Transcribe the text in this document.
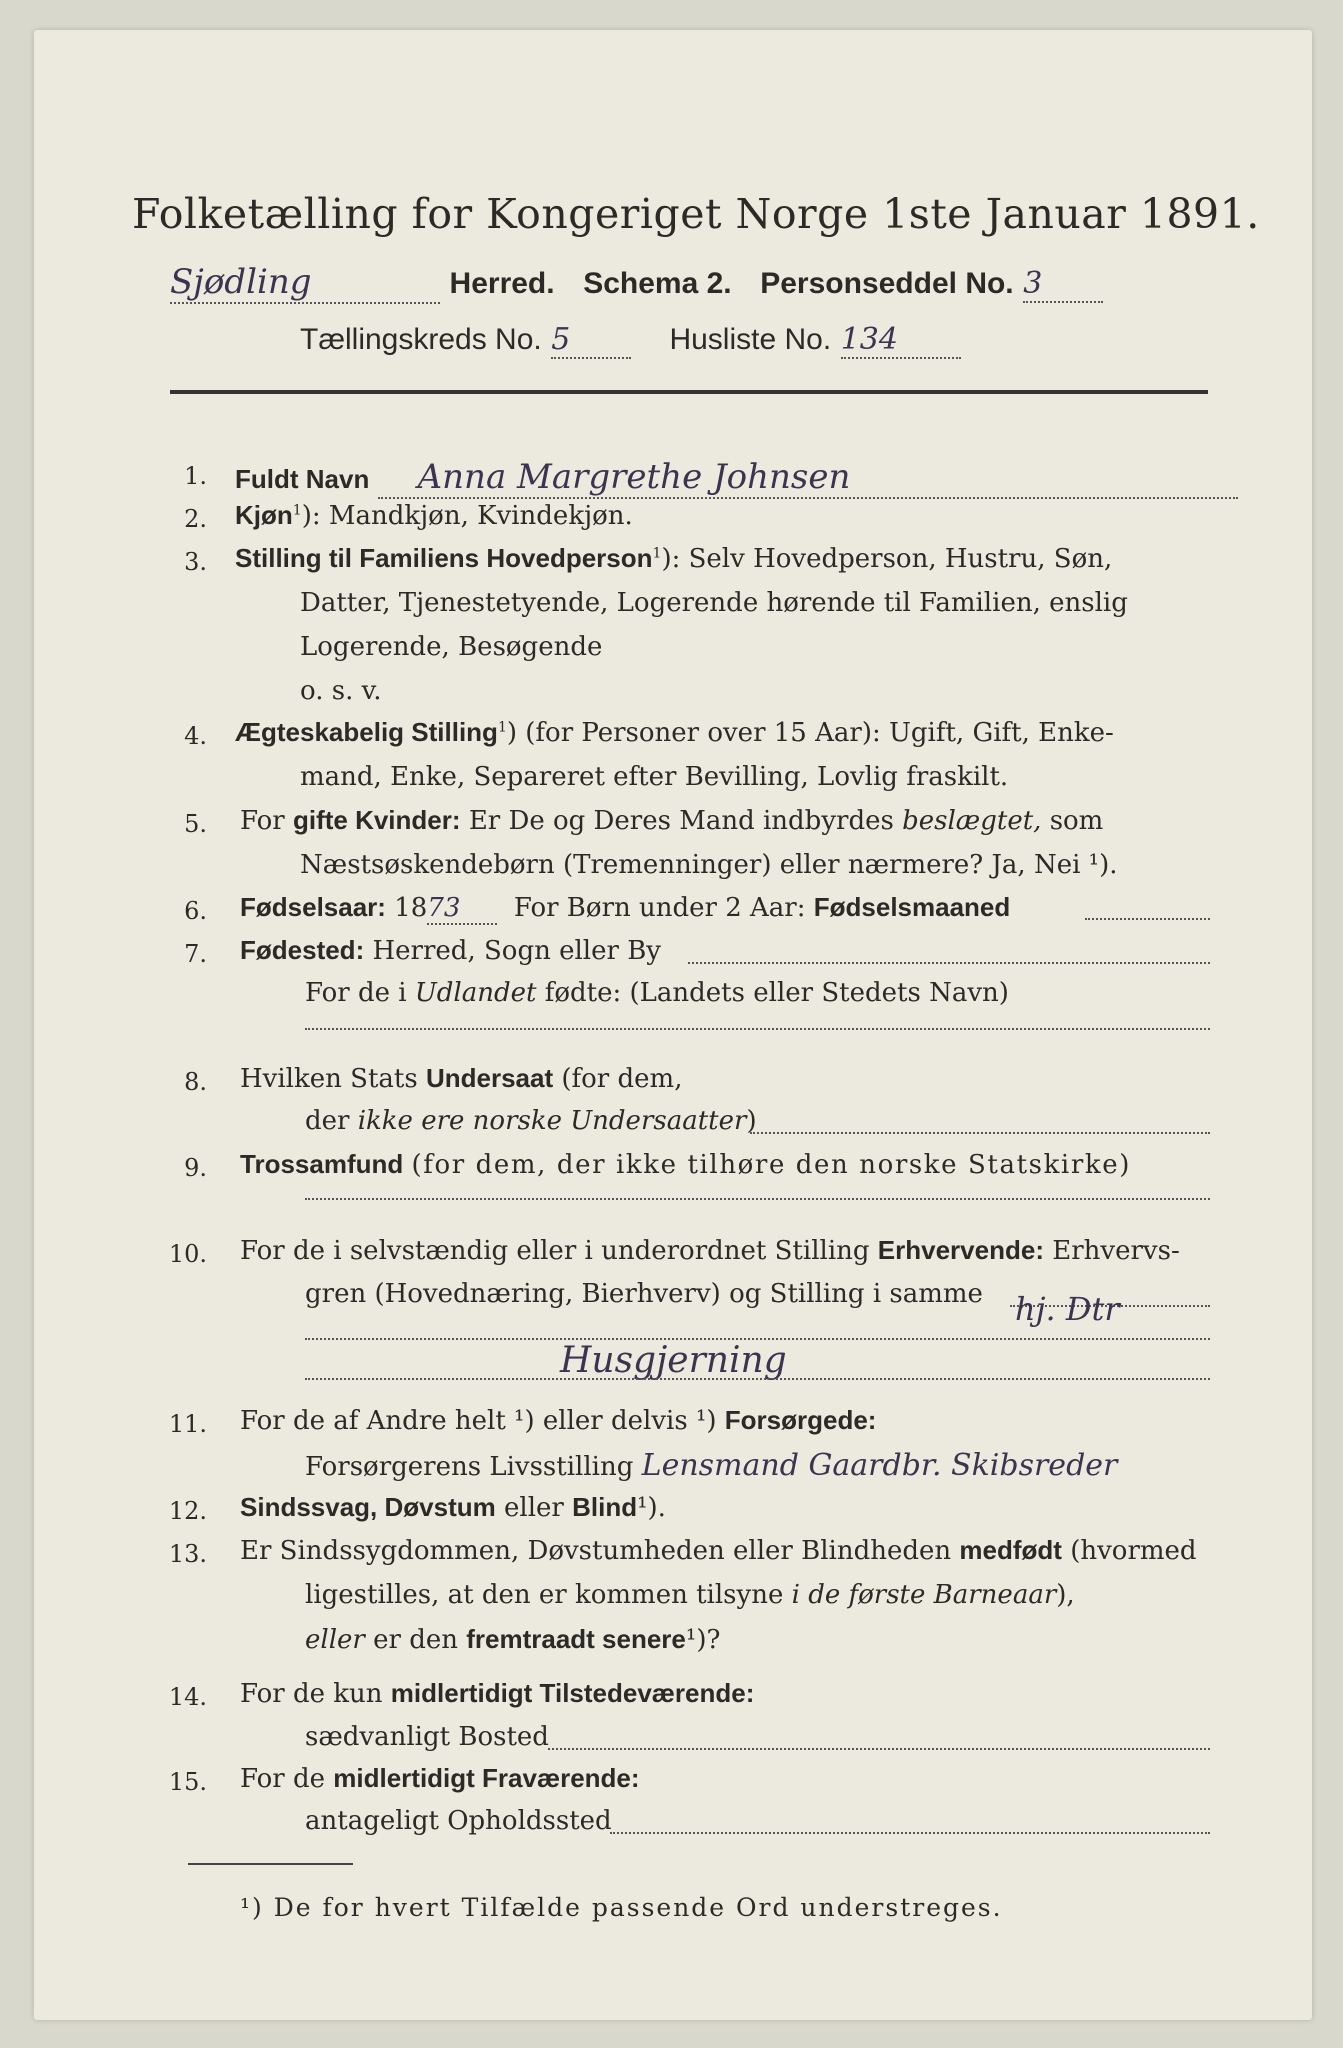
Folketælling for Kongeriget Norge 1ste Januar 1891.
Sjødling	Herred. Schema 2. Personseddel No. 3
Tællingskreds No. 5	Husliste No. 134
1. Fuldt Navn Anna Margrethe Johnsen
2. Kjøn$^1$): Mandkjøn, Kvindekjøn.
3. Stilling til Familiens Hovedperson$^1$): Selv Hovedperson, Hustru, Søn,
Datter, Tjenestetyende, Logerende hørende til Familien, enslig
Logerende, Besøgende
o. s. v.
4. Ægteskabelig Stilling$^1$) (for Personer over 15 Aar): Ugift, Gift, Enke-
mand, Enke, Separeret efter Bevilling, Lovlig fraskilt.
5. For gifte Kvinder: Er De og Deres Mand indbyrdes beslægtet, som
Næstsøskendebørn (Tremenninger) eller nærmere? Ja, Nei ¹).
6. Fødselsaar: 1873 For Børn under 2 Aar: Fødselsmaaned
7. Fødested: Herred, Sogn eller By
For de i Udlandet fødte: (Landets eller Stedets Navn)
8. Hvilken Stats Undersaat (for dem,
der ikke ere norske Undersaatter)
9. Trossamfund (for dem, der ikke tilhøre den norske Statskirke)
10. For de i selvstændig eller i underordnet Stilling Erhvervende: Erhvervs-
gren (Hovednæring, Bierhverv) og Stilling i samme hj. Dtr
Husgjerning
11. For de af Andre helt ¹) eller delvis ¹) Forsørgede:
Forsørgerens Livsstilling Lensmand Gaardbr. Skibsreder
12. Sindssvag, Døvstum eller Blind¹).
13. Er Sindssygdommen, Døvstumheden eller Blindheden medfødt (hvormed
ligestilles, at den er kommen tilsyne i de første Barneaar),
eller er den fremtraadt senere¹)?
14. For de kun midlertidigt Tilstedeværende:
sædvanligt Bosted
15. For de midlertidigt Fraværende:
antageligt Opholdssted
¹) De for hvert Tilfælde passende Ord understreges.
